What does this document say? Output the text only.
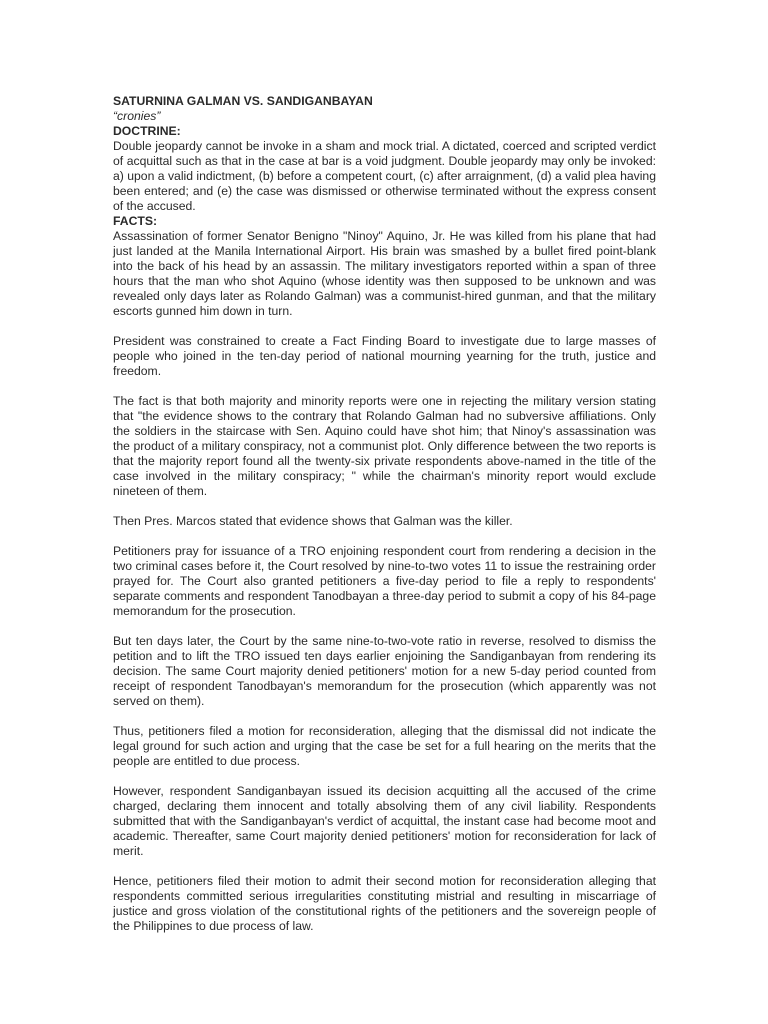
SATURNINA GALMAN VS. SANDIGANBAYAN

“cronies”

DOCTRINE:

Double jeopardy cannot be invoke in a sham and mock trial. A dictated, coerced and scripted verdict of acquittal such as that in the case at bar is a void judgment. Double jeopardy may only be invoked: a) upon a valid indictment, (b) before a competent court, (c) after arraignment, (d) a valid plea having been entered; and (e) the case was dismissed or otherwise terminated without the express consent of the accused.

FACTS:

Assassination of former Senator Benigno "Ninoy" Aquino, Jr. He was killed from his plane that had just landed at the Manila International Airport. His brain was smashed by a bullet fired point-blank into the back of his head by an assassin. The military investigators reported within a span of three hours that the man who shot Aquino (whose identity was then supposed to be unknown and was revealed only days later as Rolando Galman) was a communist-hired gunman, and that the military escorts gunned him down in turn.

President was constrained to create a Fact Finding Board to investigate due to large masses of people who joined in the ten-day period of national mourning yearning for the truth, justice and freedom.

The fact is that both majority and minority reports were one in rejecting the military version stating that "the evidence shows to the contrary that Rolando Galman had no subversive affiliations. Only the soldiers in the staircase with Sen. Aquino could have shot him; that Ninoy's assassination was the product of a military conspiracy, not a communist plot. Only difference between the two reports is that the majority report found all the twenty-six private respondents above-named in the title of the case involved in the military conspiracy; " while the chairman's minority report would exclude nineteen of them.

Then Pres. Marcos stated that evidence shows that Galman was the killer.

Petitioners pray for issuance of a TRO enjoining respondent court from rendering a decision in the two criminal cases before it, the Court resolved by nine-to-two votes 11 to issue the restraining order prayed for. The Court also granted petitioners a five-day period to file a reply to respondents' separate comments and respondent Tanodbayan a three-day period to submit a copy of his 84-page memorandum for the prosecution.

But ten days later, the Court by the same nine-to-two-vote ratio in reverse, resolved to dismiss the petition and to lift the TRO issued ten days earlier enjoining the Sandiganbayan from rendering its decision. The same Court majority denied petitioners' motion for a new 5-day period counted from receipt of respondent Tanodbayan's memorandum for the prosecution (which apparently was not served on them).

Thus, petitioners filed a motion for reconsideration, alleging that the dismissal did not indicate the legal ground for such action and urging that the case be set for a full hearing on the merits that the people are entitled to due process.

However, respondent Sandiganbayan issued its decision acquitting all the accused of the crime charged, declaring them innocent and totally absolving them of any civil liability. Respondents submitted that with the Sandiganbayan's verdict of acquittal, the instant case had become moot and academic. Thereafter, same Court majority denied petitioners' motion for reconsideration for lack of merit.

Hence, petitioners filed their motion to admit their second motion for reconsideration alleging that respondents committed serious irregularities constituting mistrial and resulting in miscarriage of justice and gross violation of the constitutional rights of the petitioners and the sovereign people of the Philippines to due process of law.
